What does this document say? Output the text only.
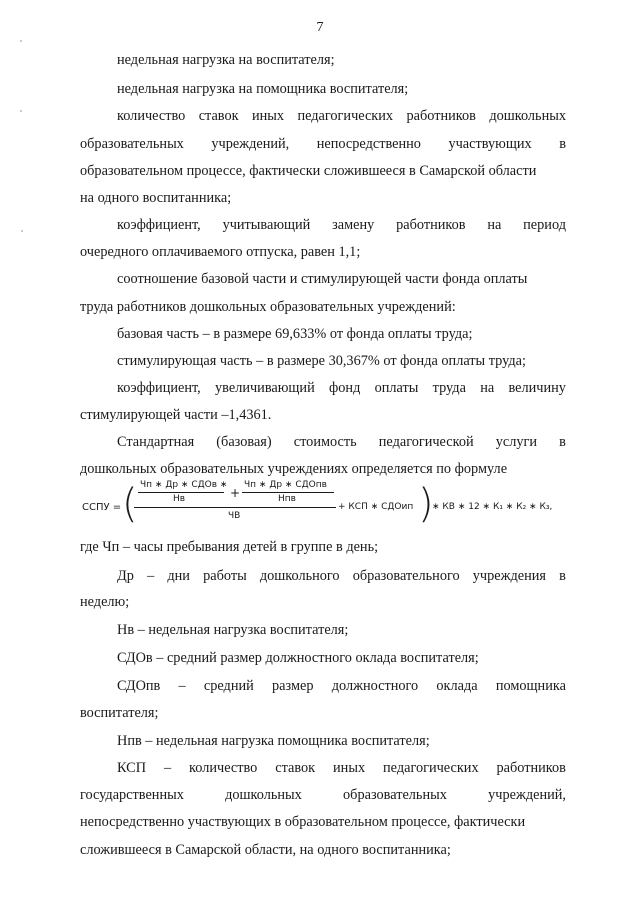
7
недельная нагрузка на воспитателя;
недельная нагрузка на помощника воспитателя;
количество ставок иных педагогических работников дошкольных
образовательных учреждений, непосредственно участвующих в
образовательном процессе, фактически сложившееся в Самарской области
на одного воспитанника;
коэффициент, учитывающий замену работников на период
очередного оплачиваемого отпуска, равен 1,1;
соотношение базовой части и стимулирующей части фонда оплаты
труда работников дошкольных образовательных учреждений:
базовая часть – в размере 69,633% от фонда оплаты труда;
стимулирующая часть – в размере 30,367% от фонда оплаты труда;
коэффициент, увеличивающий фонд оплаты труда на величину
стимулирующей части –1,4361.
Стандартная (базовая) стоимость педагогической услуги в
дошкольных образовательных учреждениях определяется по формуле
где Чп – часы пребывания детей в группе в день;
Др – дни работы дошкольного образовательного учреждения в
неделю;
Нв – недельная нагрузка воспитателя;
СДОв – средний размер должностного оклада воспитателя;
СДОпв – средний размер должностного оклада помощника
воспитателя;
Нпв – недельная нагрузка помощника воспитателя;
КСП – количество ставок иных педагогических работников
государственных	дошкольных	образовательных	учреждений,
непосредственно участвующих в образовательном процессе, фактически
сложившееся в Самарской области, на одного воспитанника;
ССПУ = ( Чп ∗ Др ∗ СДОв ∗
Нв	+
Чп ∗ Др ∗ СДОпв
Нпв
ЧВ
+ КСП ∗ СДОип )
∗ КВ ∗ 12 ∗ К₁ ∗ К₂ ∗ К₃,
